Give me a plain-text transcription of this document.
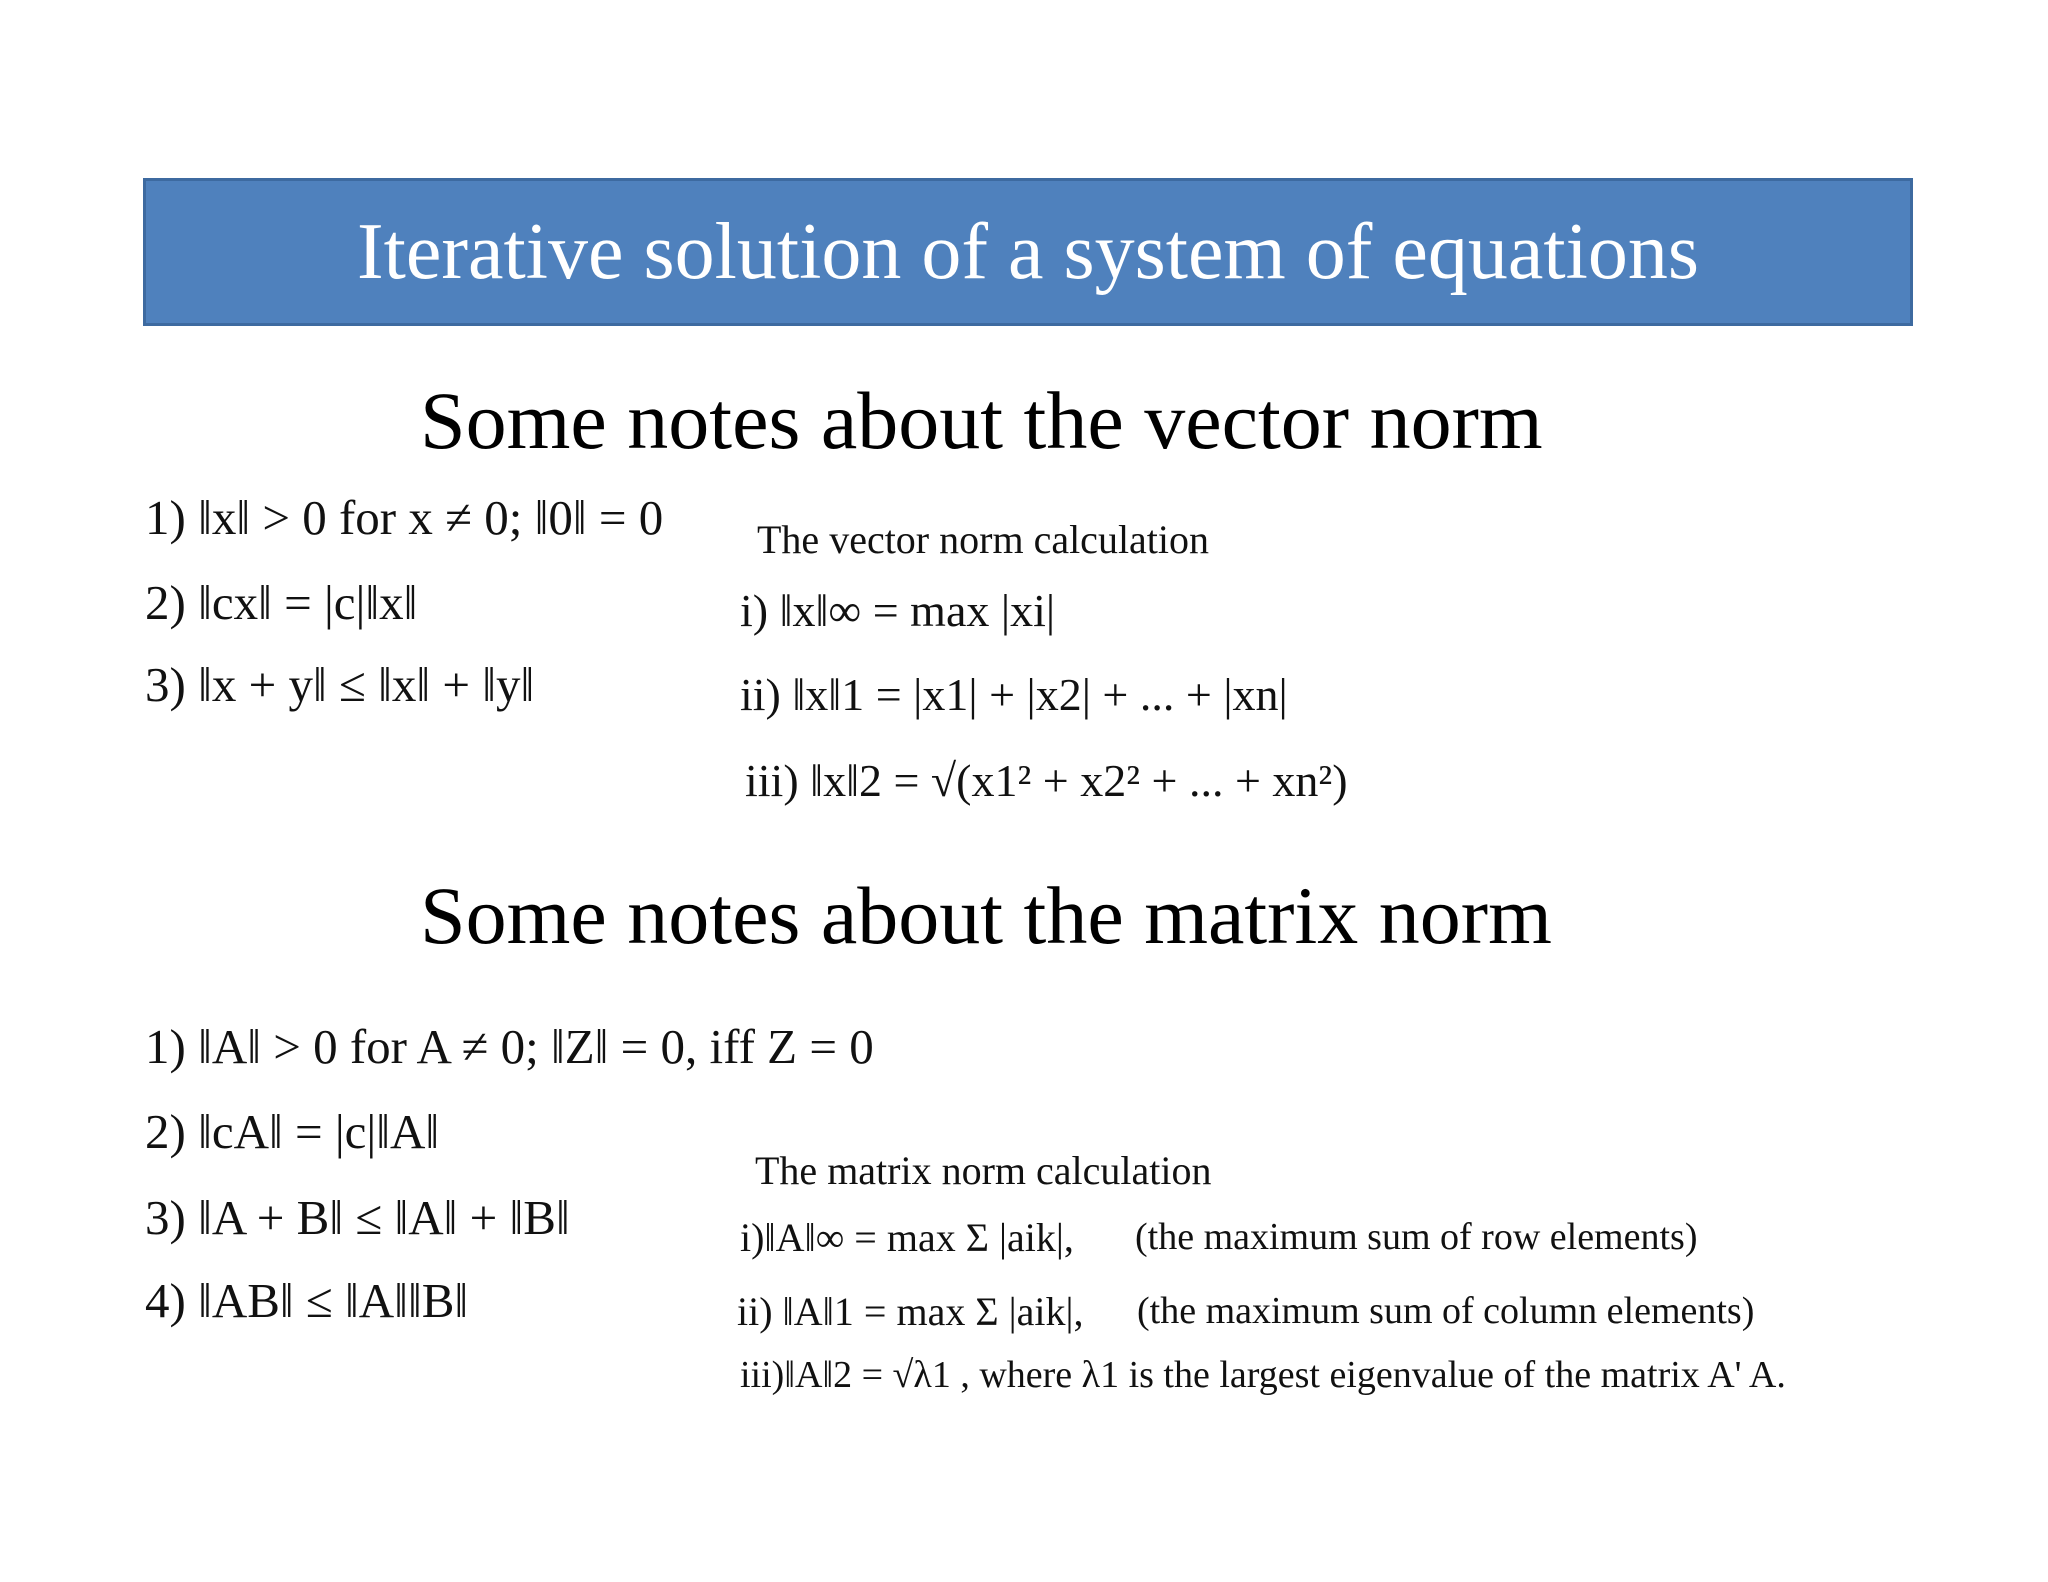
Iterative solution of a system of equations
Some notes about the vector norm
1) ‖x‖ > 0 for x ≠ 0; ‖0‖ = 0
2) ‖cx‖ = |c|‖x‖
3) ‖x + y‖ ≤ ‖x‖ + ‖y‖
The vector norm calculation
i) ‖x‖∞ = max |xi|
ii) ‖x‖1 = |x1| + |x2| + ... + |xn|
iii) ‖x‖2 = √(x1² + x2² + ... + xn²)
Some notes about the matrix norm
1) ‖A‖ > 0 for A ≠ 0; ‖Z‖ = 0, iff Z = 0
2) ‖cA‖ = |c|‖A‖
3) ‖A + B‖ ≤ ‖A‖ + ‖B‖
4) ‖AB‖ ≤ ‖A‖‖B‖
The matrix norm calculation
i)‖A‖∞ = max Σ |aik|, (the maximum sum of row elements)
ii) ‖A‖1 = max Σ |aik|, (the maximum sum of column elements)
iii)‖A‖2 = √λ1 , where λ1 is the largest eigenvalue of the matrix A' A.
